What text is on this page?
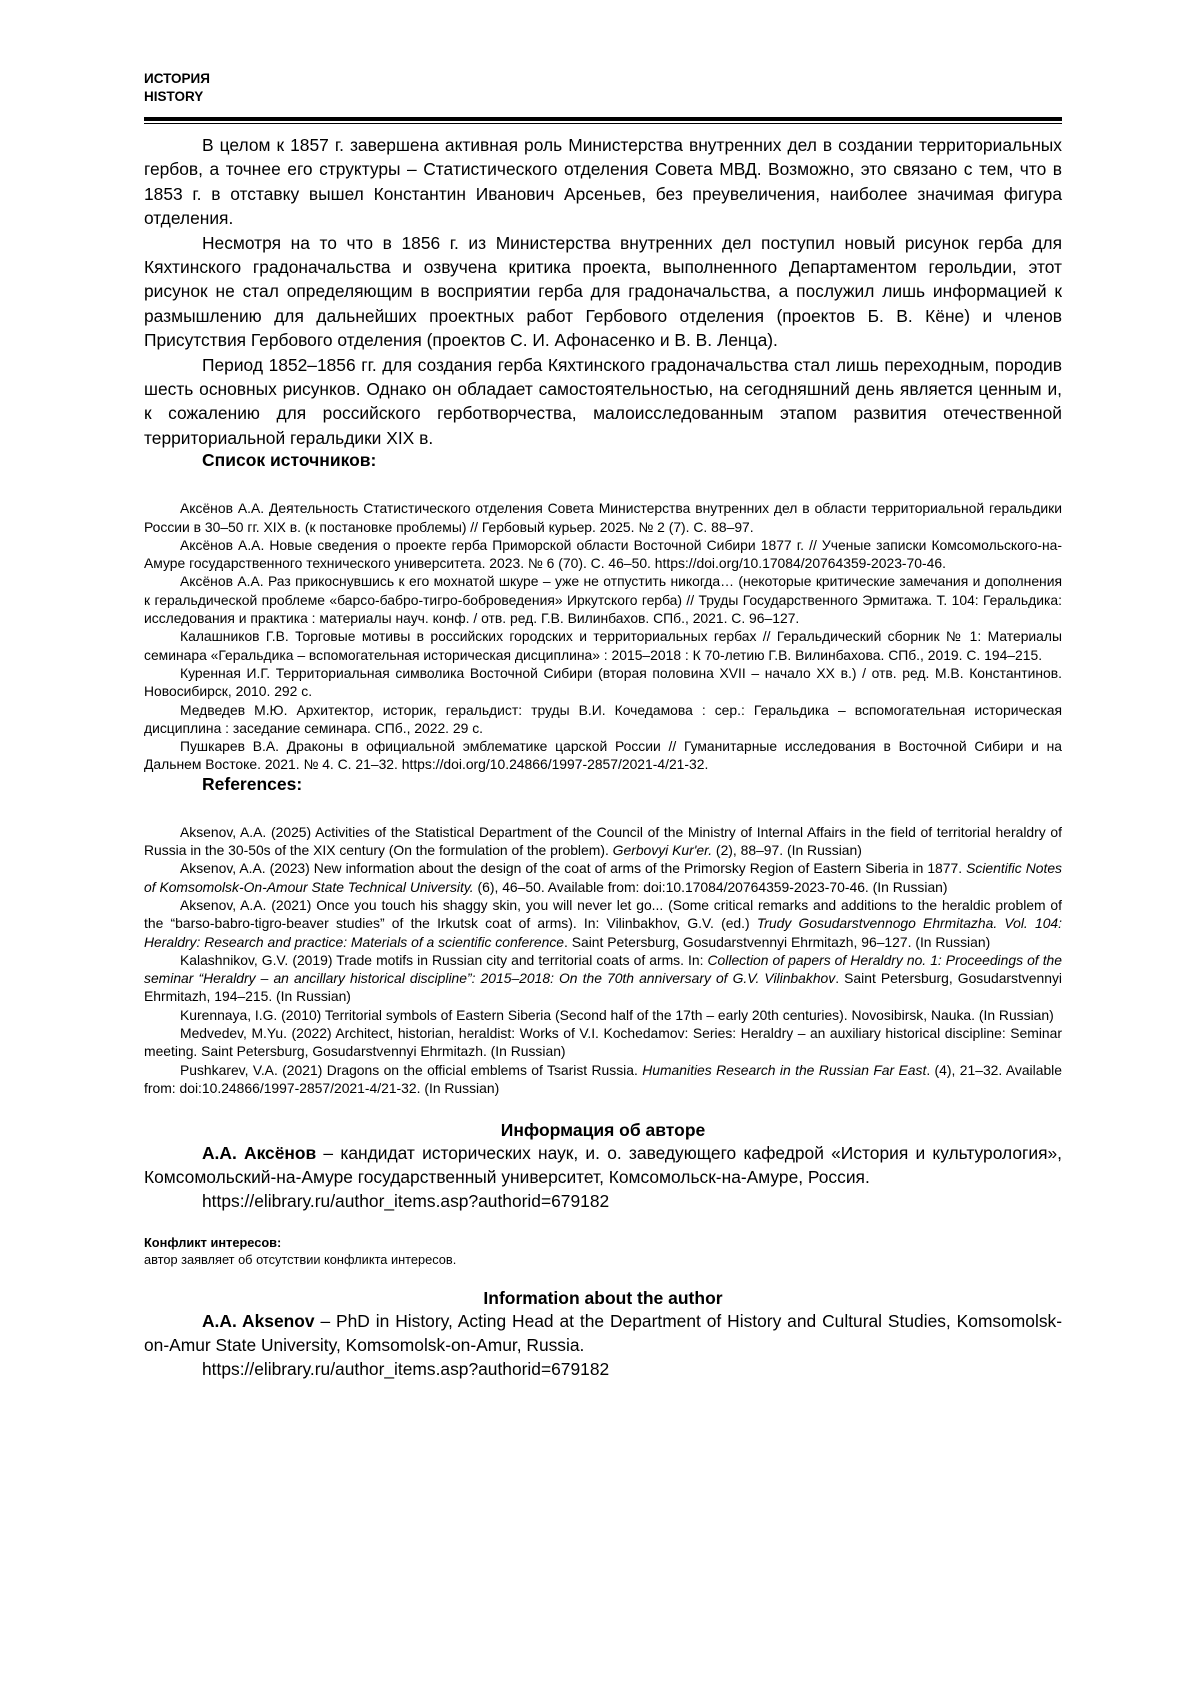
ИСТОРИЯ
HISTORY

В целом к 1857 г. завершена активная роль Министерства внутренних дел в создании территориальных гербов, а точнее его структуры – Статистического отделения Совета МВД. Возможно, это связано с тем, что в 1853 г. в отставку вышел Константин Иванович Арсеньев, без преувеличения, наиболее значимая фигура отделения.

Несмотря на то что в 1856 г. из Министерства внутренних дел поступил новый рисунок герба для Кяхтинского градоначальства и озвучена критика проекта, выполненного Департаментом герольдии, этот рисунок не стал определяющим в восприятии герба для градоначальства, а послужил лишь информацией к размышлению для дальнейших проектных работ Гербового отделения (проектов Б. В. Кёне) и членов Присутствия Гербового отделения (проектов С. И. Афонасенко и В. В. Ленца).

Период 1852–1856 гг. для создания герба Кяхтинского градоначальства стал лишь переходным, породив шесть основных рисунков. Однако он обладает самостоятельностью, на сегодняшний день является ценным и, к сожалению для российского герботворчества, малоисследованным этапом развития отечественной территориальной геральдики XIX в.

Список источников:

Аксёнов А.А. Деятельность Статистического отделения Совета Министерства внутренних дел в области территориальной геральдики России в 30–50 гг. XIX в. (к постановке проблемы) // Гербовый курьер. 2025. № 2 (7). С. 88–97.

Аксёнов А.А. Новые сведения о проекте герба Приморской области Восточной Сибири 1877 г. // Ученые записки Комсомольского-на-Амуре государственного технического университета. 2023. № 6 (70). С. 46–50. https://doi.org/10.17084/20764359-2023-70-46.

Аксёнов А.А. Раз прикоснувшись к его мохнатой шкуре – уже не отпустить никогда… (некоторые критические замечания и дополнения к геральдической проблеме «барсо-бабро-тигро-боброведения» Иркутского герба) // Труды Государственного Эрмитажа. Т. 104: Геральдика: исследования и практика : материалы науч. конф. / отв. ред. Г.В. Вилинбахов. СПб., 2021. С. 96–127.

Калашников Г.В. Торговые мотивы в российских городских и территориальных гербах // Геральдический сборник № 1: Материалы семинара «Геральдика – вспомогательная историческая дисциплина» : 2015–2018 : К 70-летию Г.В. Вилинбахова. СПб., 2019. С. 194–215.

Куренная И.Г. Территориальная символика Восточной Сибири (вторая половина XVII – начало XX в.) / отв. ред. М.В. Константинов. Новосибирск, 2010. 292 с.

Медведев М.Ю. Архитектор, историк, геральдист: труды В.И. Кочедамова : сер.: Геральдика – вспомогательная историческая дисциплина : заседание семинара. СПб., 2022. 29 с.

Пушкарев В.А. Драконы в официальной эмблематике царской России // Гуманитарные исследования в Восточной Сибири и на Дальнем Востоке. 2021. № 4. С. 21–32. https://doi.org/10.24866/1997-2857/2021-4/21-32.

References:

Aksenov, A.A. (2025) Activities of the Statistical Department of the Council of the Ministry of Internal Affairs in the field of territorial heraldry of Russia in the 30-50s of the XIX century (On the formulation of the problem). Gerbovyi Kur'er. (2), 88–97. (In Russian)

Aksenov, A.A. (2023) New information about the design of the coat of arms of the Primorsky Region of Eastern Siberia in 1877. Scientific Notes of Komsomolsk-On-Amour State Technical University. (6), 46–50. Available from: doi:10.17084/20764359-2023-70-46. (In Russian)

Aksenov, A.A. (2021) Once you touch his shaggy skin, you will never let go... (Some critical remarks and additions to the heraldic problem of the “barso-babro-tigro-beaver studies” of the Irkutsk coat of arms). In: Vilinbakhov, G.V. (ed.) Trudy Gosudarstvennogo Ehrmitazha. Vol. 104: Heraldry: Research and practice: Materials of a scientific conference. Saint Petersburg, Gosudarstvennyi Ehrmitazh, 96–127. (In Russian)

Kalashnikov, G.V. (2019) Trade motifs in Russian city and territorial coats of arms. In: Collection of papers of Heraldry no. 1: Proceedings of the seminar “Heraldry – an ancillary historical discipline”: 2015–2018: On the 70th anniversary of G.V. Vilinbakhov. Saint Petersburg, Gosudarstvennyi Ehrmitazh, 194–215. (In Russian)

Kurennaya, I.G. (2010) Territorial symbols of Eastern Siberia (Second half of the 17th – early 20th centuries). Novosibirsk, Nauka. (In Russian)

Medvedev, M.Yu. (2022) Architect, historian, heraldist: Works of V.I. Kochedamov: Series: Heraldry – an auxiliary historical discipline: Seminar meeting. Saint Petersburg, Gosudarstvennyi Ehrmitazh. (In Russian)

Pushkarev, V.A. (2021) Dragons on the official emblems of Tsarist Russia. Humanities Research in the Russian Far East. (4), 21–32. Available from: doi:10.24866/1997-2857/2021-4/21-32. (In Russian)

Информация об авторе

А.А. Аксёнов – кандидат исторических наук, и. о. заведующего кафедрой «История и культурология», Комсомольский-на-Амуре государственный университет, Комсомольск-на-Амуре, Россия.

https://elibrary.ru/author_items.asp?authorid=679182

Конфликт интересов:
автор заявляет об отсутствии конфликта интересов.
Information about the author

A.A. Aksenov – PhD in History, Acting Head at the Department of History and Cultural Studies, Komsomolsk-on-Amur State University, Komsomolsk-on-Amur, Russia.

https://elibrary.ru/author_items.asp?authorid=679182
